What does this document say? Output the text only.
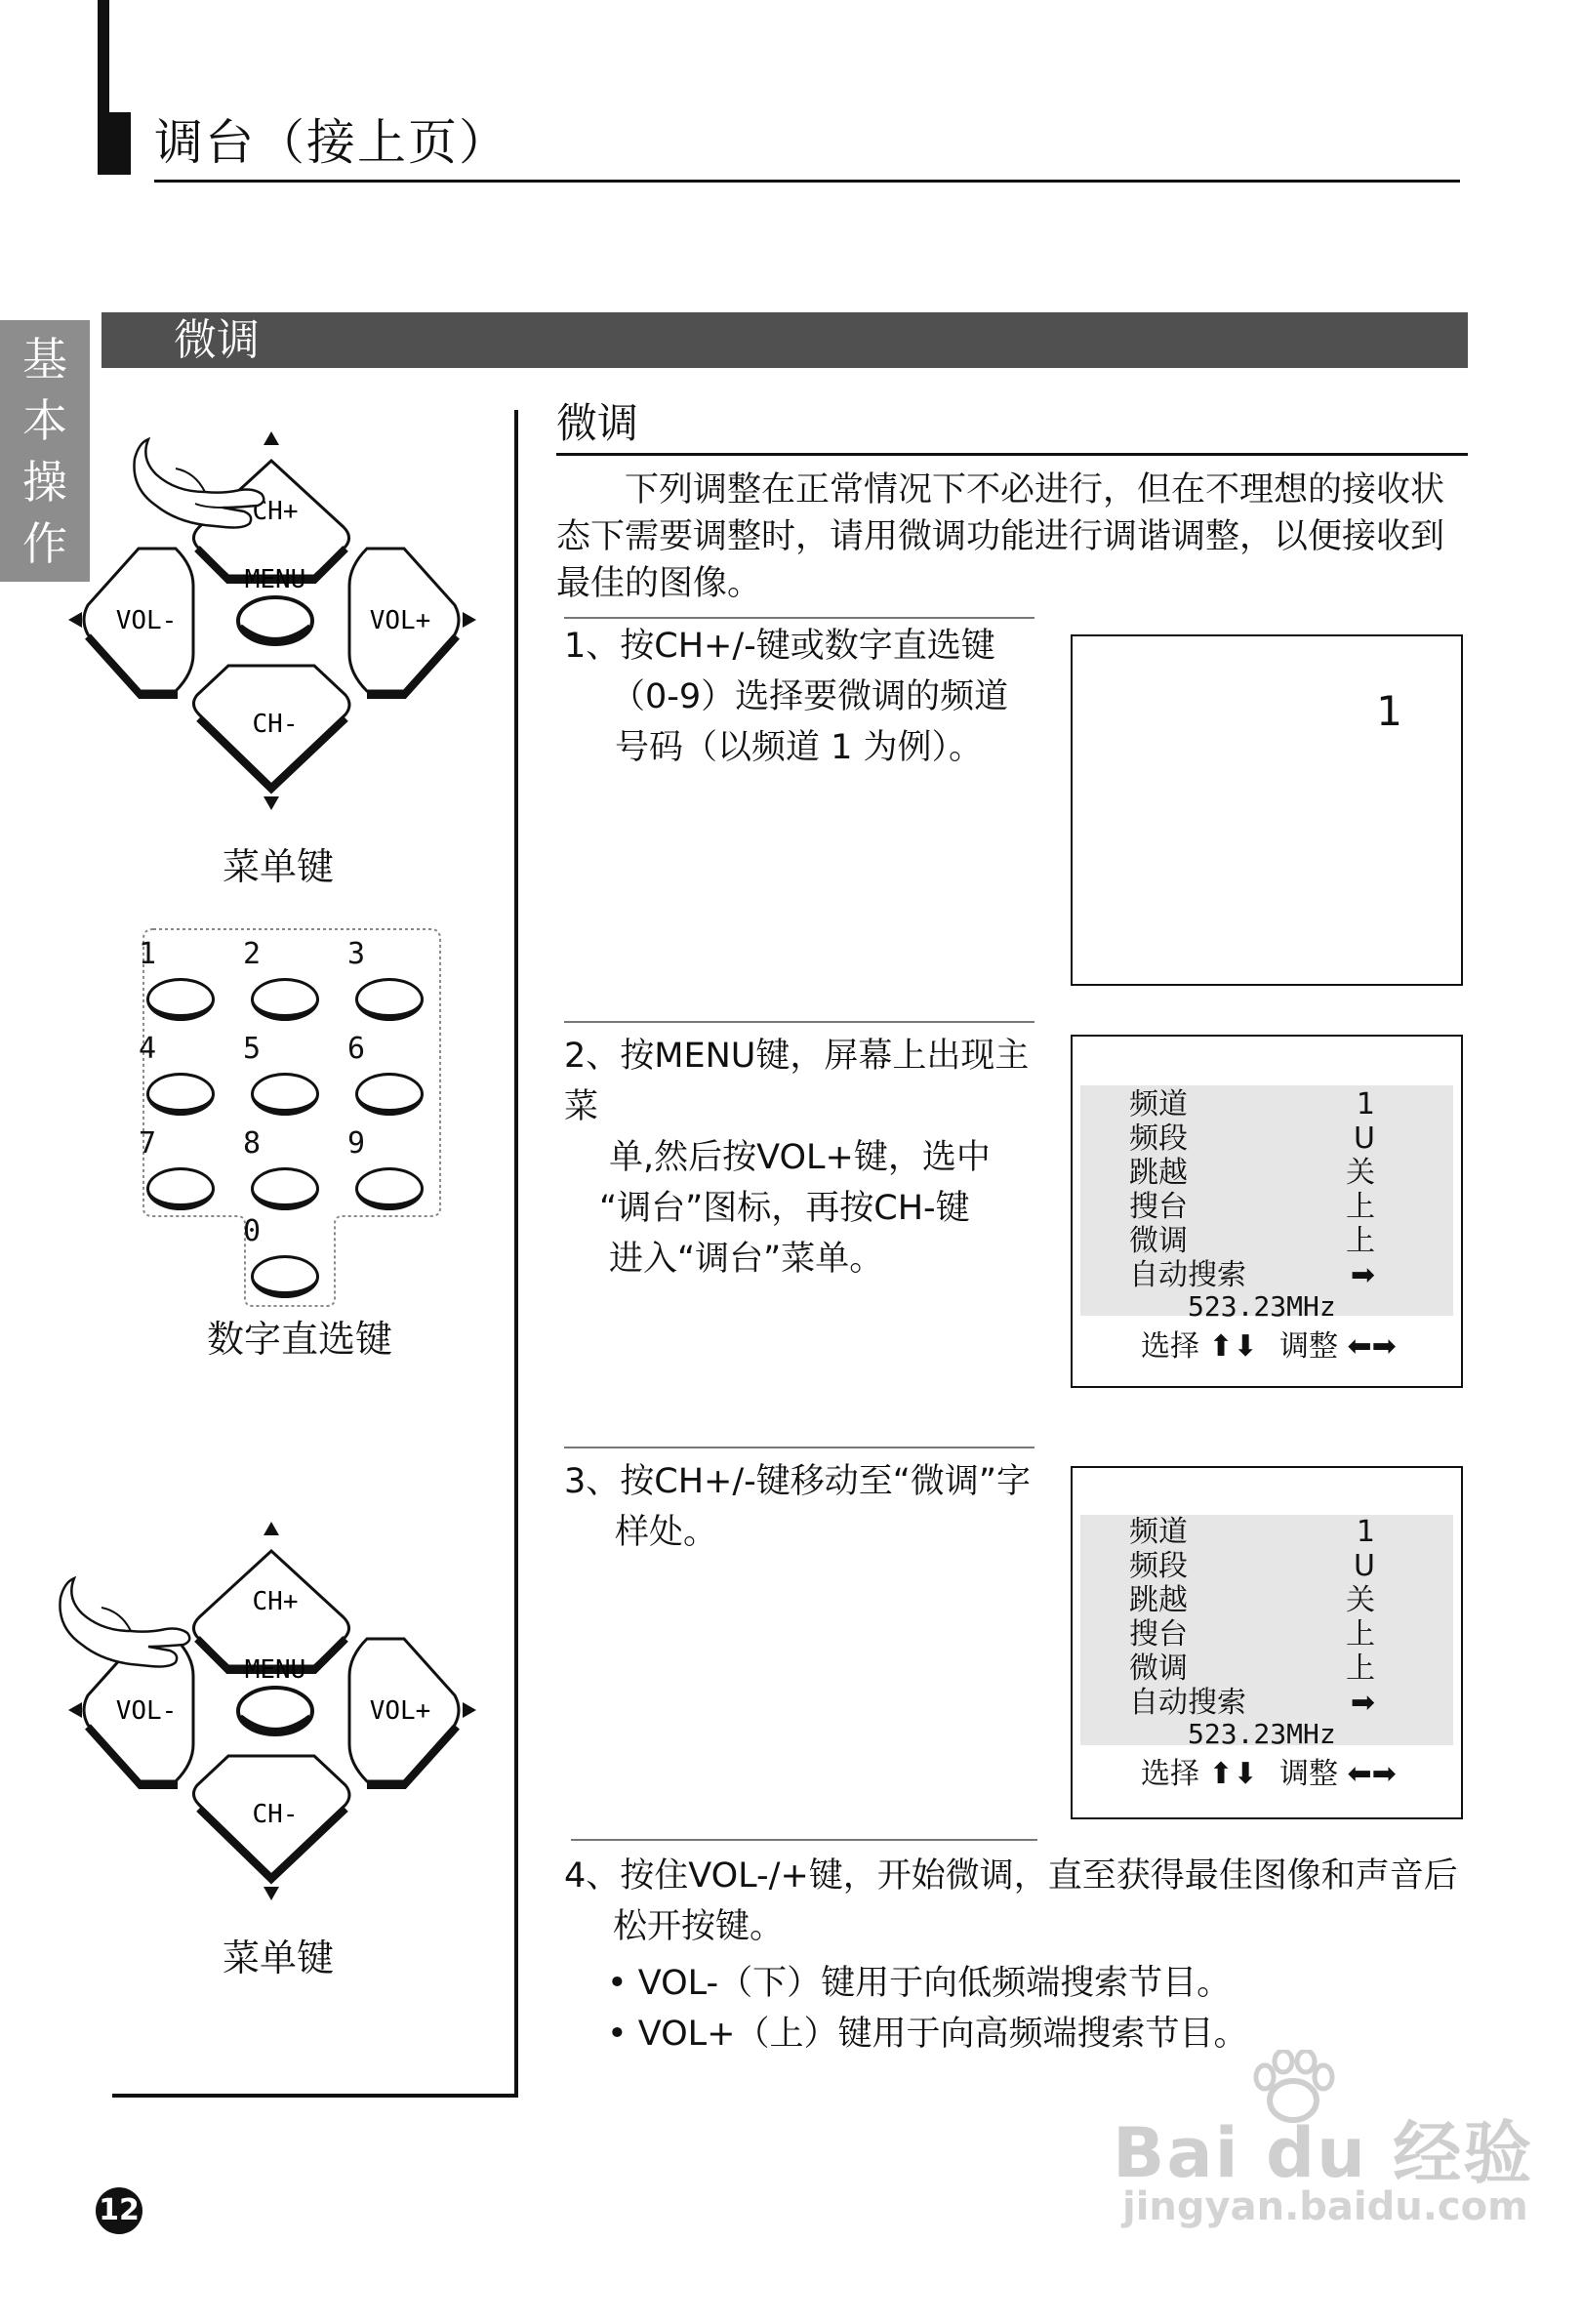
调台（接上页）
基
本
操
作
微调
CH+
CH-
VOL-	VOL+
MENU
菜单键
1	2	3
4	5	6
7	8	9
0
数字直选键
CH+
CH-
VOL-	VOL+
MENU
菜单键
微调
下列调整在正常情况下不必进行，但在不理想的接收状态下需要调整时，请用微调功能进行调谐调整，以便接收到最佳的图像。
1、按CH+/-键或数字直选键
（0-9）选择要微调的频道
号码（以频道 1 为例）。
1
2、按MENU键，屏幕上出现主菜
单,然后按VOL+键，选中
“调台”图标，再按CH-键
进入“调台”菜单。
523.23MHz
选择 ⬆⬇ 调整 ⬅➡
频道	1
频段	U
跳越	关
搜台	上
微调	上
自动搜索	➡
3、按CH+/-键移动至“微调”字
样处。
523.23MHz
选择 ⬆⬇ 调整 ⬅➡
频道	1
频段	U
跳越	关
搜台	上
微调	上
自动搜索	➡
4、按住VOL-/+键，开始微调，直至获得最佳图像和声音后
松开按键。
• VOL-（下）键用于向低频端搜索节目。
• VOL+（上）键用于向高频端搜索节目。
12
Bai du 经验
jingyan.baidu.com
